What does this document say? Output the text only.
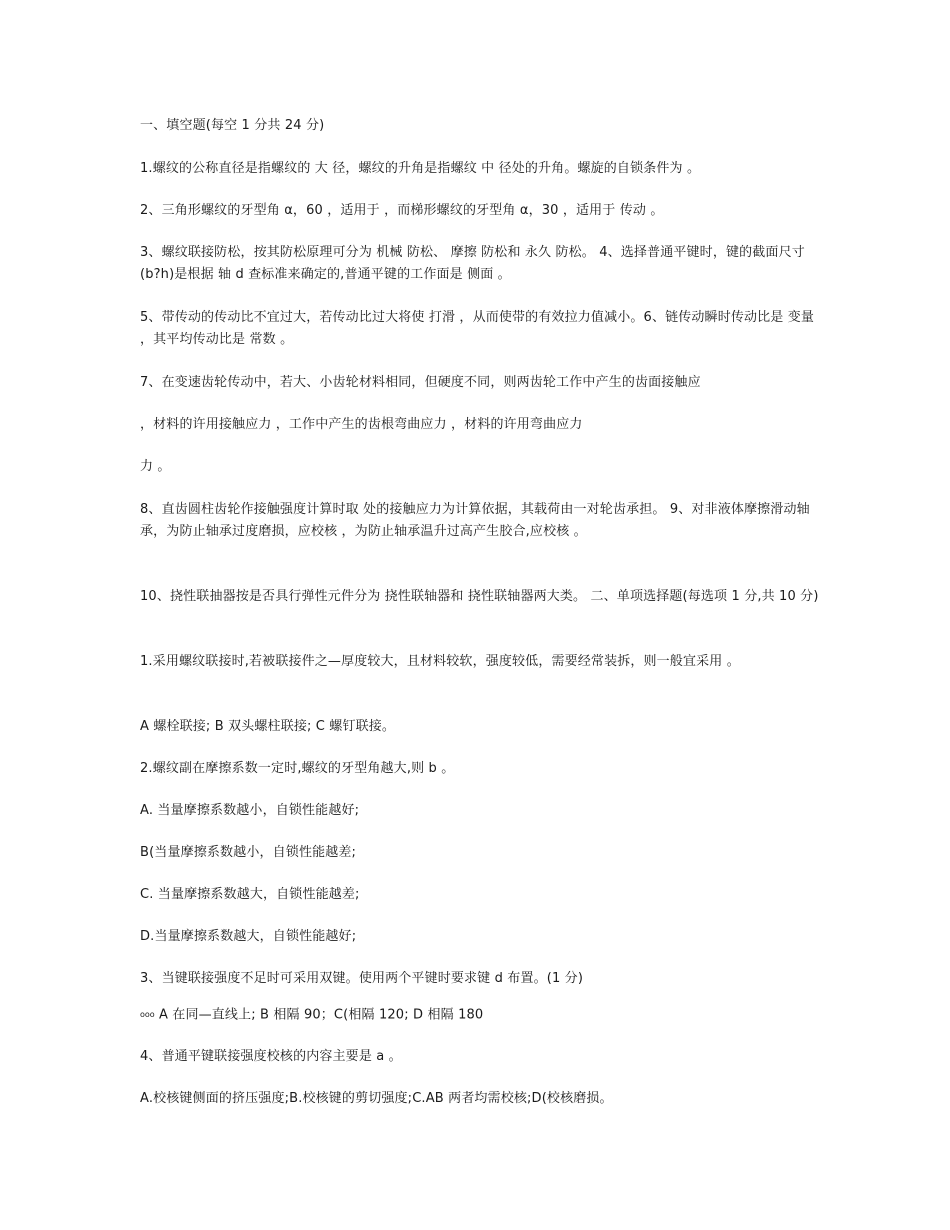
一、填空题(每空 1 分共 24 分)
1.螺纹的公称直径是指螺纹的 大 径，螺纹的升角是指螺纹 中 径处的升角。螺旋的自锁条件为 。
2、三角形螺纹的牙型角 α，60 ，适用于 ，而梯形螺纹的牙型角 α，30 ，适用于 传动 。
3、螺纹联接防松，按其防松原理可分为 机械 防松、 摩擦 防松和 永久 防松。 4、选择普通平键时，键的截面尺寸(b?h)是根据 轴 d 查标准来确定的,普通平键的工作面是 侧面 。
5、带传动的传动比不宜过大，若传动比过大将使 打滑 ，从而使带的有效拉力值减小。6、链传动瞬时传动比是 变量 ，其平均传动比是 常数 。
7、在变速齿轮传动中，若大、小齿轮材料相同，但硬度不同，则两齿轮工作中产生的齿面接触应
，材料的许用接触应力 ，工作中产生的齿根弯曲应力 ，材料的许用弯曲应力
力 。
8、直齿圆柱齿轮作接触强度计算时取 处的接触应力为计算依据，其载荷由一对轮齿承担。 9、对非液体摩擦滑动轴承，为防止轴承过度磨损，应校核 ，为防止轴承温升过高产生胶合,应校核 。
10、挠性联抽器按是否具行弹性元件分为 挠性联轴器和 挠性联轴器两大类。 二、单项选择题(每选项 1 分,共 10 分)
1.采用螺纹联接时,若被联接件之—厚度较大，且材料较软，强度较低，需要经常装拆，则一般宜采用 。
A 螺栓联接; B 双头螺柱联接; C 螺钉联接。
2.螺纹副在摩擦系数一定时,螺纹的牙型角越大,则 b 。
A. 当量摩擦系数越小，自锁性能越好;
B(当量摩擦系数越小，自锁性能越差;
C. 当量摩擦系数越大，自锁性能越差;
D.当量摩擦系数越大，自锁性能越好;
3、当键联接强度不足时可采用双键。使用两个平键时要求键 d 布置。(1 分)
ooo A 在同—直线上; B 相隔 90；C(相隔 120; D 相隔 180
4、普通平键联接强度校核的内容主要是 a 。
A.校核键侧面的挤压强度;B.校核键的剪切强度;C.AB 两者均需校核;D(校核磨损。
